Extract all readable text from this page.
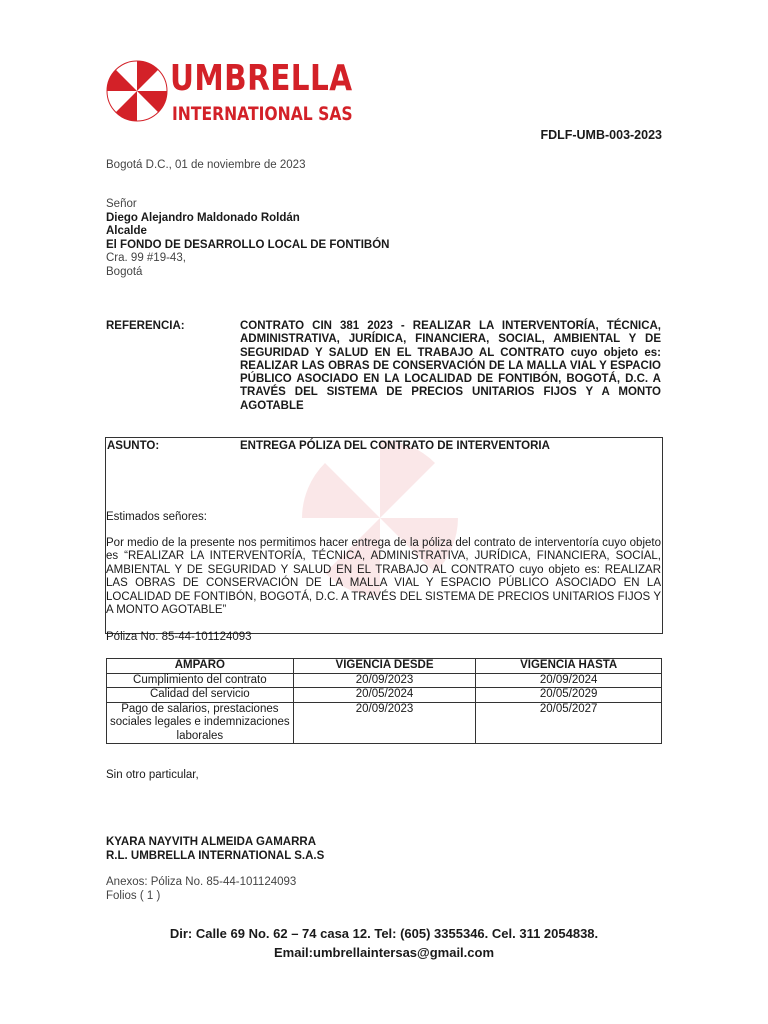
UMBRELLA
INTERNATIONAL SAS
FDLF-UMB-003-2023
Bogotá D.C., 01 de noviembre de 2023
Señor
Diego Alejandro Maldonado Roldán
Alcalde
El FONDO DE DESARROLLO LOCAL DE FONTIBÓN
Cra. 99 #19-43,
Bogotá
REFERENCIA:	CONTRATO CIN 381 2023 - REALIZAR LA INTERVENTORÍA, TÉCNICA, ADMINISTRATIVA, JURÍDICA, FINANCIERA, SOCIAL, AMBIENTAL Y DE SEGURIDAD Y SALUD EN EL TRABAJO AL CONTRATO cuyo objeto es: REALIZAR LAS OBRAS DE CONSERVACIÓN DE LA MALLA VIAL Y ESPACIO PÚBLICO ASOCIADO EN LA LOCALIDAD DE FONTIBÓN, BOGOTÁ, D.C. A TRAVÉS DEL SISTEMA DE PRECIOS UNITARIOS FIJOS Y A MONTO AGOTABLE
ASUNTO:	ENTREGA PÓLIZA DEL CONTRATO DE INTERVENTORIA
Estimados señores:
Por medio de la presente nos permitimos hacer entrega de la póliza del contrato de interventoría cuyo objeto es “REALIZAR LA INTERVENTORÍA, TÉCNICA, ADMINISTRATIVA, JURÍDICA, FINANCIERA, SOCIAL, AMBIENTAL Y DE SEGURIDAD Y SALUD EN EL TRABAJO AL CONTRATO cuyo objeto es: REALIZAR LAS OBRAS DE CONSERVACIÓN DE LA MALLA VIAL Y ESPACIO PÚBLICO ASOCIADO EN LA LOCALIDAD DE FONTIBÓN, BOGOTÁ, D.C. A TRAVÉS DEL SISTEMA DE PRECIOS UNITARIOS FIJOS Y A MONTO AGOTABLE”
Póliza No. 85-44-101124093
AMPARO	VIGENCIA DESDE	VIGENCIA HASTA
Cumplimiento del contrato	20/09/2023	20/09/2024
Calidad del servicio	20/05/2024	20/05/2029
Pago de salarios, prestaciones sociales legales e indemnizaciones laborales	20/09/2023	20/05/2027
Sin otro particular,
KYARA NAYVITH ALMEIDA GAMARRA
R.L. UMBRELLA INTERNATIONAL S.A.S
Anexos: Póliza No. 85-44-101124093
Folios ( 1 )
Dir: Calle 69 No. 62 – 74 casa 12. Tel: (605) 3355346. Cel. 311 2054838.
Email:umbrellaintersas@gmail.com
